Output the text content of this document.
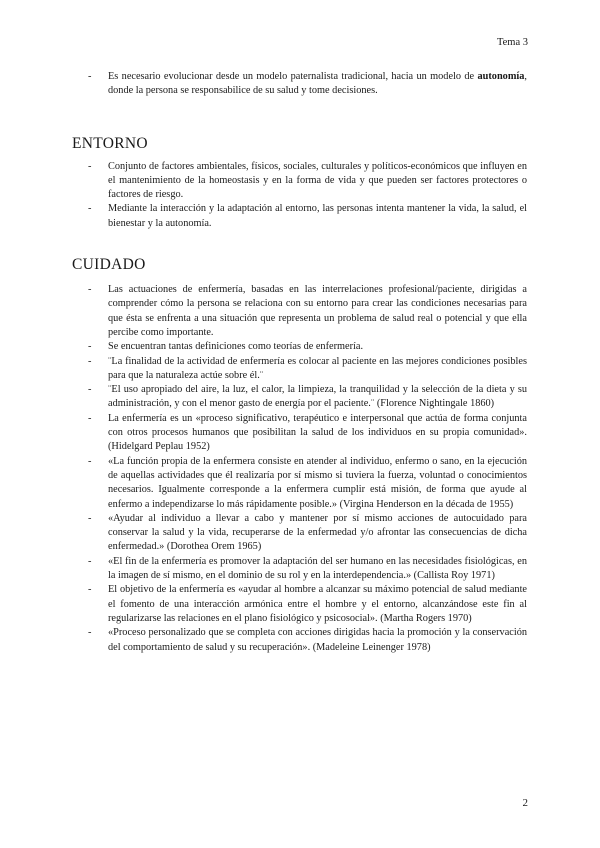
Tema 3
- Es necesario evolucionar desde un modelo paternalista tradicional, hacia un modelo de autonomía, donde la persona se responsabilice de su salud y tome decisiones.
ENTORNO
- Conjunto de factores ambientales, físicos, sociales, culturales y políticos-económicos que influyen en el mantenimiento de la homeostasis y en la forma de vida y que pueden ser factores protectores o factores de riesgo.
- Mediante la interacción y la adaptación al entorno, las personas intenta mantener la vida, la salud, el bienestar y la autonomía.
CUIDADO
- Las actuaciones de enfermería, basadas en las interrelaciones profesional/paciente, dirigidas a comprender cómo la persona se relaciona con su entorno para crear las condiciones necesarias para que ésta se enfrenta a una situación que representa un problema de salud real o potencial y que ella percibe como importante.
- Se encuentran tantas definiciones como teorías de enfermería.
- ¨La finalidad de la actividad de enfermería es colocar al paciente en las mejores condiciones posibles para que la naturaleza actúe sobre él.¨
- ¨El uso apropiado del aire, la luz, el calor, la limpieza, la tranquilidad y la selección de la dieta y su administración, y con el menor gasto de energía por el paciente.¨ (Florence Nightingale 1860)
- La enfermería es un «proceso significativo, terapéutico e interpersonal que actúa de forma conjunta con otros procesos humanos que posibilitan la salud de los individuos en su propia comunidad». (Hidelgard Peplau 1952)
- «La función propia de la enfermera consiste en atender al individuo, enfermo o sano, en la ejecución de aquellas actividades que él realizaría por sí mismo si tuviera la fuerza, voluntad o conocimientos necesarios. Igualmente corresponde a la enfermera cumplir está misión, de forma que ayude al enfermo a independizarse lo más rápidamente posible.» (Virgina Henderson en la década de 1955)
- «Ayudar al individuo a llevar a cabo y mantener por sí mismo acciones de autocuidado para conservar la salud y la vida, recuperarse de la enfermedad y/o afrontar las consecuencias de dicha enfermedad.» (Dorothea Orem 1965)
- «El fin de la enfermería es promover la adaptación del ser humano en las necesidades fisiológicas, en la imagen de sí mismo, en el dominio de su rol y en la interdependencia.» (Callista Roy 1971)
- El objetivo de la enfermería es «ayudar al hombre a alcanzar su máximo potencial de salud mediante el fomento de una interacción armónica entre el hombre y el entorno, alcanzándose este fin al regularizarse las relaciones en el plano fisiológico y psicosocial». (Martha Rogers 1970)
- «Proceso personalizado que se completa con acciones dirigidas hacia la promoción y la conservación del comportamiento de salud y su recuperación». (Madeleine Leinenger 1978)
2
